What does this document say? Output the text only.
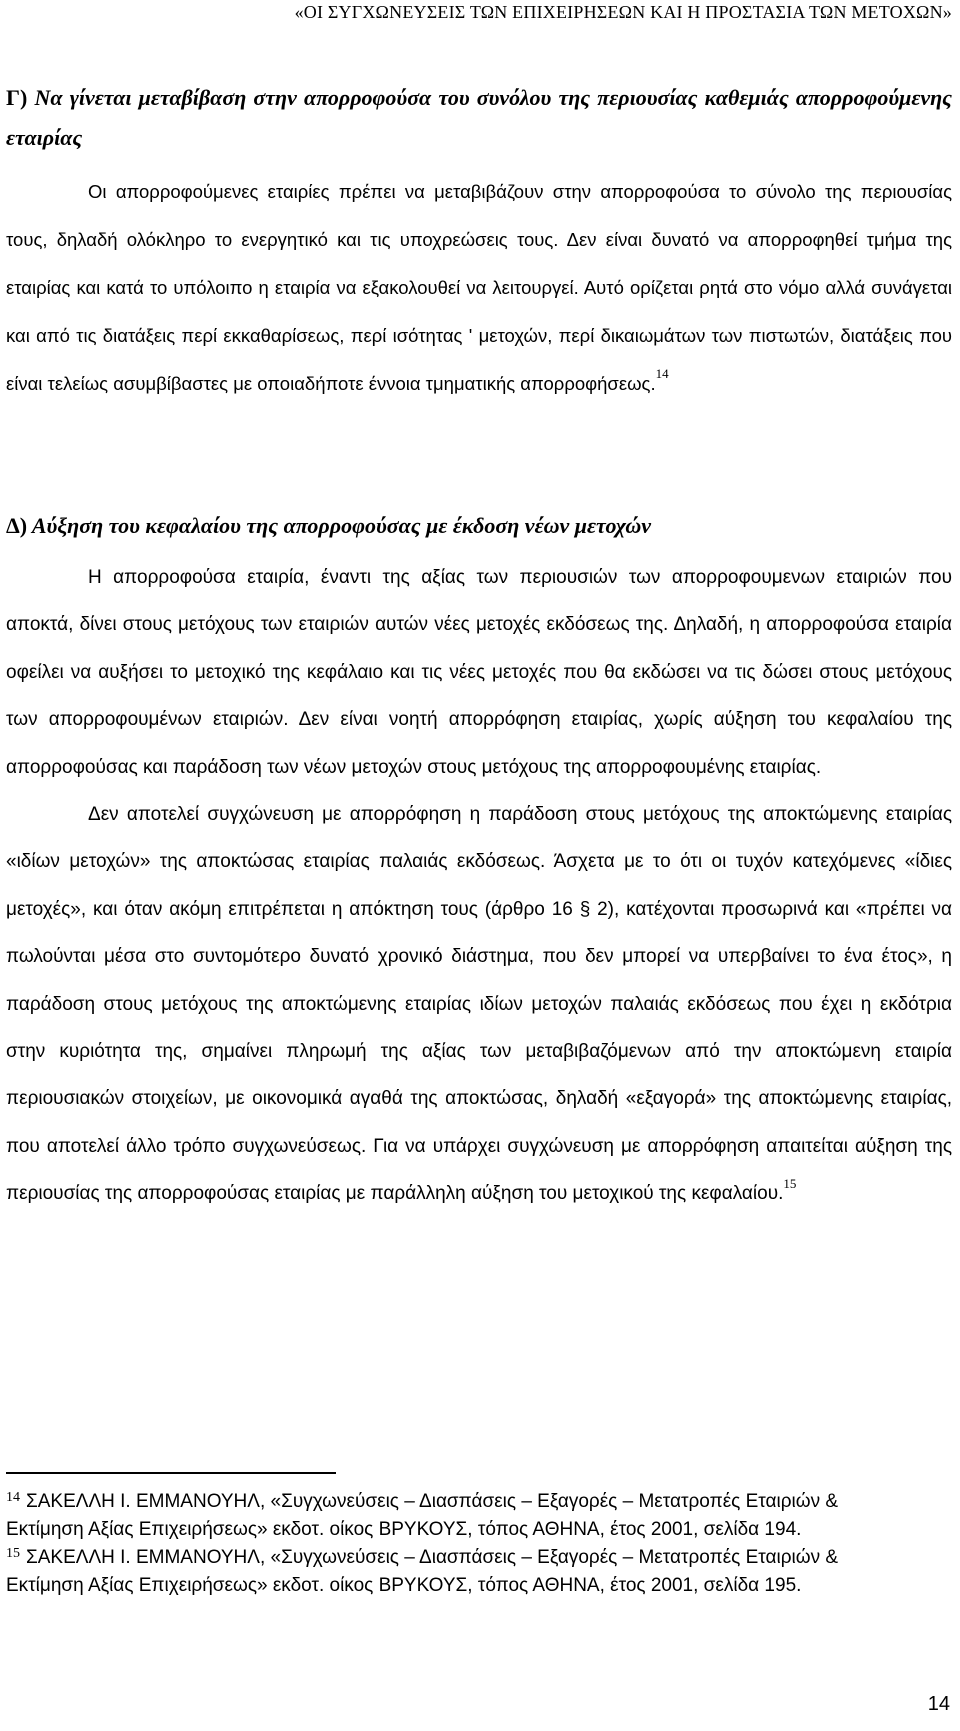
«ΟΙ ΣΥΓΧΩΝΕΥΣΕΙΣ ΤΩΝ ΕΠΙΧΕΙΡΗΣΕΩΝ ΚΑΙ Η ΠΡΟΣΤΑΣΙΑ ΤΩΝ ΜΕΤΟΧΩΝ»
Γ) Να γίνεται μεταβίβαση στην απορροφούσα του συνόλου της περιουσίας καθεμιάς απορροφούμενης εταιρίας

Οι απορροφούμενες εταιρίες πρέπει να μεταβιβάζουν στην απορροφούσα το σύνολο της περιουσίας τους, δηλαδή ολόκληρο το ενεργητικό και τις υποχρεώσεις τους. Δεν είναι δυνατό να απορροφηθεί τμήμα της εταιρίας και κατά το υπόλοιπο η εταιρία να εξακολουθεί να λειτουργεί. Αυτό ορίζεται ρητά στο νόμο αλλά συνάγεται και από τις διατάξεις περί εκκαθαρίσεως, περί ισότητας ' μετοχών, περί δικαιωμάτων των πιστωτών, διατάξεις που είναι τελείως ασυμβίβαστες με οποιαδήποτε έννοια τμηματικής απορροφήσεως.$^{14}$

Δ) Αύξηση του κεφαλαίου της απορροφούσας με έκδοση νέων μετοχών

Η απορροφούσα εταιρία, έναντι της αξίας των περιουσιών των απορροφουμενων εταιριών που αποκτά, δίνει στους μετόχους των εταιριών αυτών νέες μετοχές εκδόσεως της. Δηλαδή, η απορροφούσα εταιρία οφείλει να αυξήσει το μετοχικό της κεφάλαιο και τις νέες μετοχές που θα εκδώσει να τις δώσει στους μετόχους των απορροφουμένων εταιριών. Δεν είναι νοητή απορρόφηση εταιρίας, χωρίς αύξηση του κεφαλαίου της απορροφούσας και παράδοση των νέων μετοχών στους μετόχους της απορροφουμένης εταιρίας.

Δεν αποτελεί συγχώνευση με απορρόφηση η παράδοση στους μετόχους της αποκτώμενης εταιρίας «ιδίων μετοχών» της αποκτώσας εταιρίας παλαιάς εκδόσεως. Άσχετα με το ότι οι τυχόν κατεχόμενες «ίδιες μετοχές», και όταν ακόμη επιτρέπεται η απόκτηση τους (άρθρο 16 § 2), κατέχονται προσωρινά και «πρέπει να πωλούνται μέσα στο συντομότερο δυνατό χρονικό διάστημα, που δεν μπορεί να υπερβαίνει το ένα έτος», η παράδοση στους μετόχους της αποκτώμενης εταιρίας ιδίων μετοχών παλαιάς εκδόσεως που έχει η εκδότρια στην κυριότητα της, σημαίνει πληρωμή της αξίας των μεταβιβαζόμενων από την αποκτώμενη εταιρία περιουσιακών στοιχείων, με οικονομικά αγαθά της αποκτώσας, δηλαδή «εξαγορά» της αποκτώμενης εταιρίας, που αποτελεί άλλο τρόπο συγχωνεύσεως. Για να υπάρχει συγχώνευση με απορρόφηση απαιτείται αύξηση της περιουσίας της απορροφούσας εταιρίας με παράλληλη αύξηση του μετοχικού της κεφαλαίου.$^{15}$

$^{14}$ ΣΑΚΕΛΛΗ Ι. ΕΜΜΑΝΟΥΗΛ, «Συγχωνεύσεις – Διασπάσεις – Εξαγορές – Μετατροπές Εταιριών & Εκτίμηση Αξίας Επιχειρήσεως» εκδοτ. οίκος ΒΡΥΚΟΥΣ, τόπος ΑΘΗΝΑ, έτος 2001, σελίδα 194.

$^{15}$ ΣΑΚΕΛΛΗ Ι. ΕΜΜΑΝΟΥΗΛ, «Συγχωνεύσεις – Διασπάσεις – Εξαγορές – Μετατροπές Εταιριών & Εκτίμηση Αξίας Επιχειρήσεως» εκδοτ. οίκος ΒΡΥΚΟΥΣ, τόπος ΑΘΗΝΑ, έτος 2001, σελίδα 195.

14
